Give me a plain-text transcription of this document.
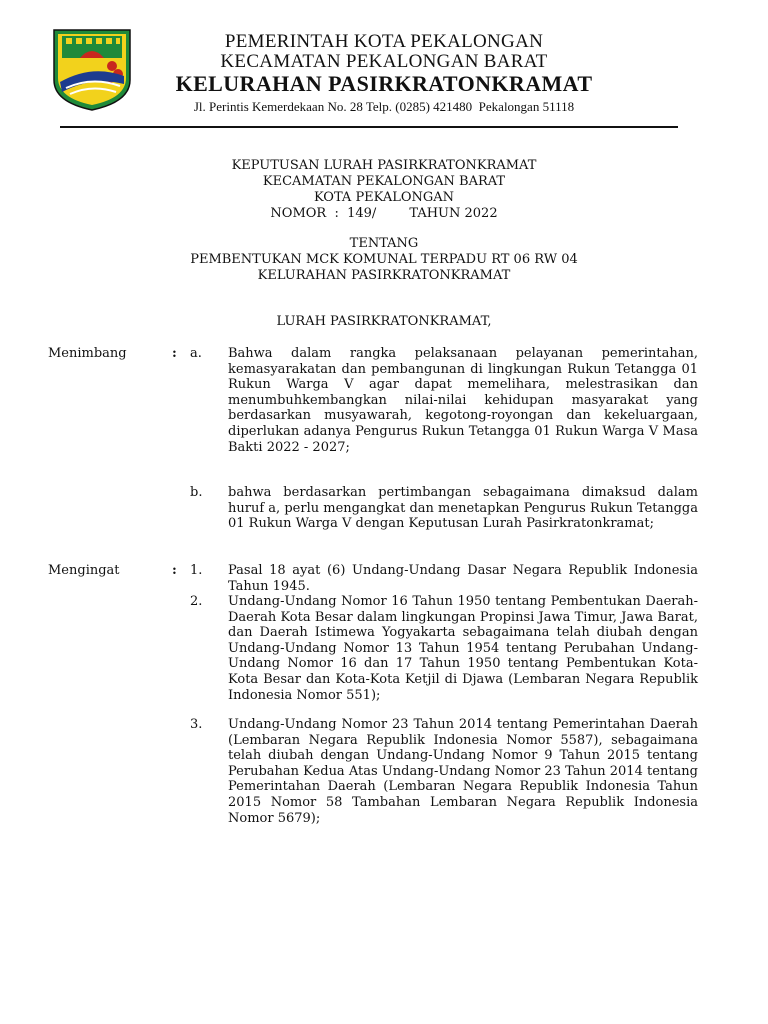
PEMERINTAH KOTA PEKALONGAN
KECAMATAN PEKALONGAN BARAT
KELURAHAN PASIRKRATONKRAMAT
Jl. Perintis Kemerdekaan No. 28 Telp. (0285) 421480  Pekalongan 51118
KEPUTUSAN LURAH PASIRKRATONKRAMAT
KECAMATAN PEKALONGAN BARAT
KOTA PEKALONGAN
NOMOR  :  149/        TAHUN 2022
TENTANG
PEMBENTUKAN MCK KOMUNAL TERPADU RT 06 RW 04
KELURAHAN PASIRKRATONKRAMAT
LURAH PASIRKRATONKRAMAT,
Menimbang	: a. Bahwa dalam rangka pelaksanaan pelayanan pemerintahan, kemasyarakatan dan pembangunan di lingkungan Rukun Tetangga 01 Rukun Warga V agar dapat memelihara, melestrasikan dan menumbuhkembangkan nilai-nilai kehidupan masyarakat yang berdasarkan musyawarah, kegotong-royongan dan kekeluargaan, diperlukan adanya Pengurus Rukun Tetangga 01 Rukun Warga V Masa Bakti 2022 - 2027;
b. bahwa berdasarkan pertimbangan sebagaimana dimaksud dalam huruf a, perlu mengangkat dan menetapkan Pengurus Rukun Tetangga 01 Rukun Warga V dengan Keputusan Lurah Pasirkratonkramat;
Mengingat	: 1. Pasal 18 ayat (6) Undang-Undang Dasar Negara Republik Indonesia Tahun 1945.
2. Undang-Undang Nomor 16 Tahun 1950 tentang Pembentukan Daerah-Daerah Kota Besar dalam lingkungan Propinsi Jawa Timur, Jawa Barat, dan Daerah Istimewa Yogyakarta sebagaimana telah diubah dengan Undang-Undang Nomor 13 Tahun 1954 tentang Perubahan Undang-Undang Nomor 16 dan 17 Tahun 1950 tentang Pembentukan Kota-Kota Besar dan Kota-Kota Ketjil di Djawa (Lembaran Negara Republik Indonesia Nomor 551);
3. Undang-Undang Nomor 23 Tahun 2014 tentang Pemerintahan Daerah (Lembaran Negara Republik Indonesia Nomor 5587), sebagaimana telah diubah dengan Undang-Undang Nomor 9 Tahun 2015 tentang Perubahan Kedua Atas Undang-Undang Nomor 23 Tahun 2014 tentang Pemerintahan Daerah (Lembaran Negara Republik Indonesia Tahun 2015 Nomor 58 Tambahan Lembaran Negara Republik Indonesia Nomor 5679);
